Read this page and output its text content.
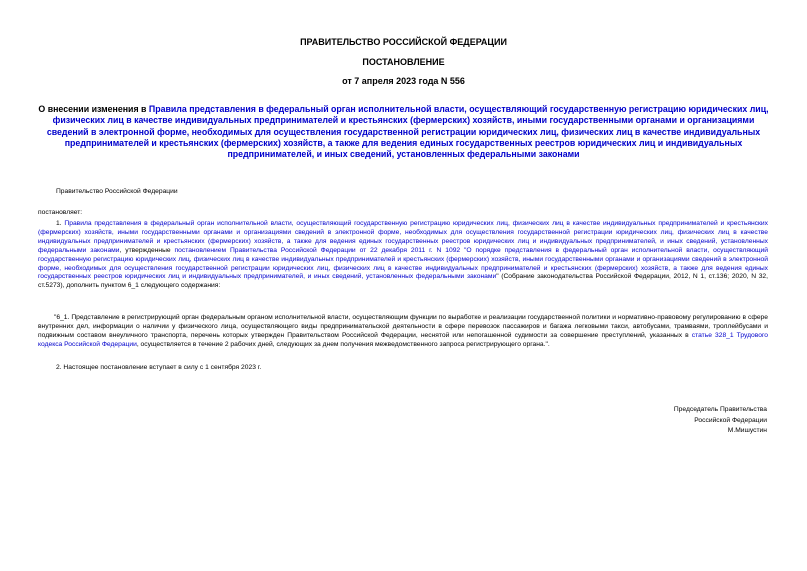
ПРАВИТЕЛЬСТВО РОССИЙСКОЙ ФЕДЕРАЦИИ
ПОСТАНОВЛЕНИЕ
от 7 апреля 2023 года N 556
О внесении изменения в Правила представления в федеральный орган исполнительной власти, осуществляющий государственную регистрацию юридических лиц, физических лиц в качестве индивидуальных предпринимателей и крестьянских (фермерских) хозяйств, иными государственными органами и организациями сведений в электронной форме, необходимых для осуществления государственной регистрации юридических лиц, физических лиц в качестве индивидуальных предпринимателей и крестьянских (фермерских) хозяйств, а также для ведения единых государственных реестров юридических лиц и индивидуальных предпринимателей, и иных сведений, установленных федеральными законами
Правительство Российской Федерации
постановляет:
1. Правила представления в федеральный орган исполнительной власти, осуществляющий государственную регистрацию юридических лиц, физических лиц в качестве индивидуальных предпринимателей и крестьянских (фермерских) хозяйств, иными государственными органами и организациями сведений в электронной форме, необходимых для осуществления государственной регистрации юридических лиц, физических лиц в качестве индивидуальных предпринимателей и крестьянских (фермерских) хозяйств, а также для ведения единых государственных реестров юридических лиц и индивидуальных предпринимателей, и иных сведений, установленных федеральными законами, утвержденные постановлением Правительства Российской Федерации от 22 декабря 2011 г. N 1092 "О порядке представления в федеральный орган исполнительной власти, осуществляющий государственную регистрацию юридических лиц, физических лиц в качестве индивидуальных предпринимателей и крестьянских (фермерских) хозяйств, иными государственными органами и организациями сведений в электронной форме, необходимых для осуществления государственной регистрации юридических лиц, физических лиц в качестве индивидуальных предпринимателей и крестьянских (фермерских) хозяйств, а также для ведения единых государственных реестров юридических лиц и индивидуальных предпринимателей, и иных сведений, установленных федеральными законами" (Собрание законодательства Российской Федерации, 2012, N 1, ст.136; 2020, N 32, ст.5273), дополнить пунктом 6_1 следующего содержания:
"6_1. Представление в регистрирующий орган федеральным органом исполнительной власти, осуществляющим функции по выработке и реализации государственной политики и нормативно-правовому регулированию в сфере внутренних дел, информации о наличии у физического лица, осуществляющего виды предпринимательской деятельности в сфере перевозок пассажиров и багажа легковыми такси, автобусами, трамваями, троллейбусами и подвижным составом внеуличного транспорта, перечень которых утвержден Правительством Российской Федерации, неснятой или непогашенной судимости за совершение преступлений, указанных в статье 328_1 Трудового кодекса Российской Федерации, осуществляется в течение 2 рабочих дней, следующих за днем получения межведомственного запроса регистрирующего органа.".
2. Настоящее постановление вступает в силу с 1 сентября 2023 г.
Председатель Правительства
Российской Федерации
М.Мишустин
